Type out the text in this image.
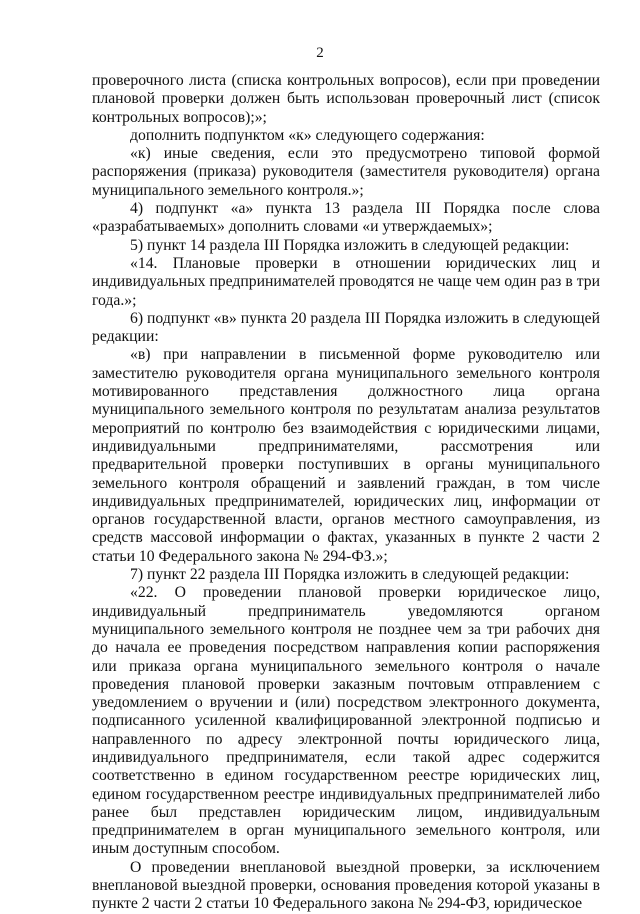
2

проверочного листа (списка контрольных вопросов), если при проведении плановой проверки должен быть использован проверочный лист (список контрольных вопросов);»;

дополнить подпунктом «к» следующего содержания:

«к) иные сведения, если это предусмотрено типовой формой распоряжения (приказа) руководителя (заместителя руководителя) органа муниципального земельного контроля.»;

4) подпункт «а» пункта 13 раздела III Порядка после слова «разрабатываемых» дополнить словами «и утверждаемых»;

5) пункт 14 раздела III Порядка изложить в следующей редакции:

«14. Плановые проверки в отношении юридических лиц и индивидуальных предпринимателей проводятся не чаще чем один раз в три года.»;

6) подпункт «в» пункта 20 раздела III Порядка изложить в следующей редакции:

«в) при направлении в письменной форме руководителю или заместителю руководителя органа муниципального земельного контроля мотивированного представления должностного лица органа муниципального земельного контроля по результатам анализа результатов мероприятий по контролю без взаимодействия с юридическими лицами, индивидуальными предпринимателями, рассмотрения или предварительной проверки поступивших в органы муниципального земельного контроля обращений и заявлений граждан, в том числе индивидуальных предпринимателей, юридических лиц, информации от органов государственной власти, органов местного самоуправления, из средств массовой информации о фактах, указанных в пункте 2 части 2 статьи 10 Федерального закона № 294-ФЗ.»;

7) пункт 22 раздела III Порядка изложить в следующей редакции:

«22. О проведении плановой проверки юридическое лицо, индивидуальный предприниматель уведомляются органом муниципального земельного контроля не позднее чем за три рабочих дня до начала ее проведения посредством направления копии распоряжения или приказа органа муниципального земельного контроля о начале проведения плановой проверки заказным почтовым отправлением с уведомлением о вручении и (или) посредством электронного документа, подписанного усиленной квалифицированной электронной подписью и направленного по адресу электронной почты юридического лица, индивидуального предпринимателя, если такой адрес содержится соответственно в едином государственном реестре юридических лиц, едином государственном реестре индивидуальных предпринимателей либо ранее был представлен юридическим лицом, индивидуальным предпринимателем в орган муниципального земельного контроля, или иным доступным способом.

О проведении внеплановой выездной проверки, за исключением внеплановой выездной проверки, основания проведения которой указаны в пункте 2 части 2 статьи 10 Федерального закона № 294-ФЗ, юридическое
